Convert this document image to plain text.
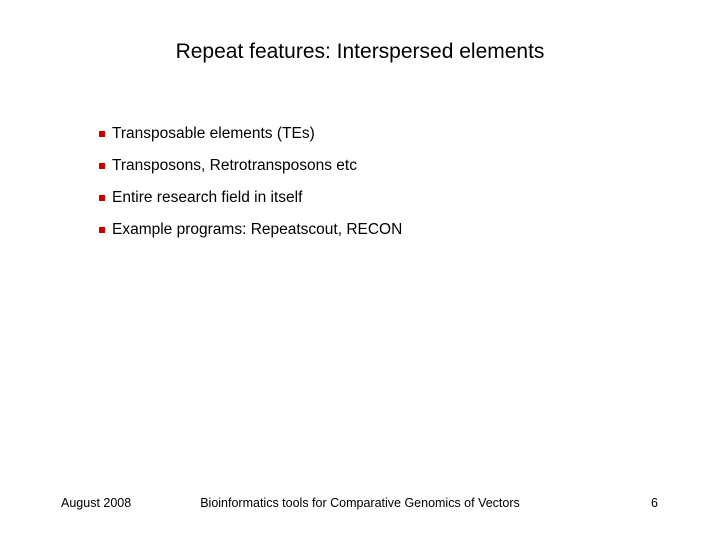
Repeat features: Interspersed elements
Transposable elements (TEs)
Transposons, Retrotransposons etc
Entire research field in itself
Example programs: Repeatscout, RECON
August 2008	Bioinformatics tools for Comparative Genomics of Vectors	6
